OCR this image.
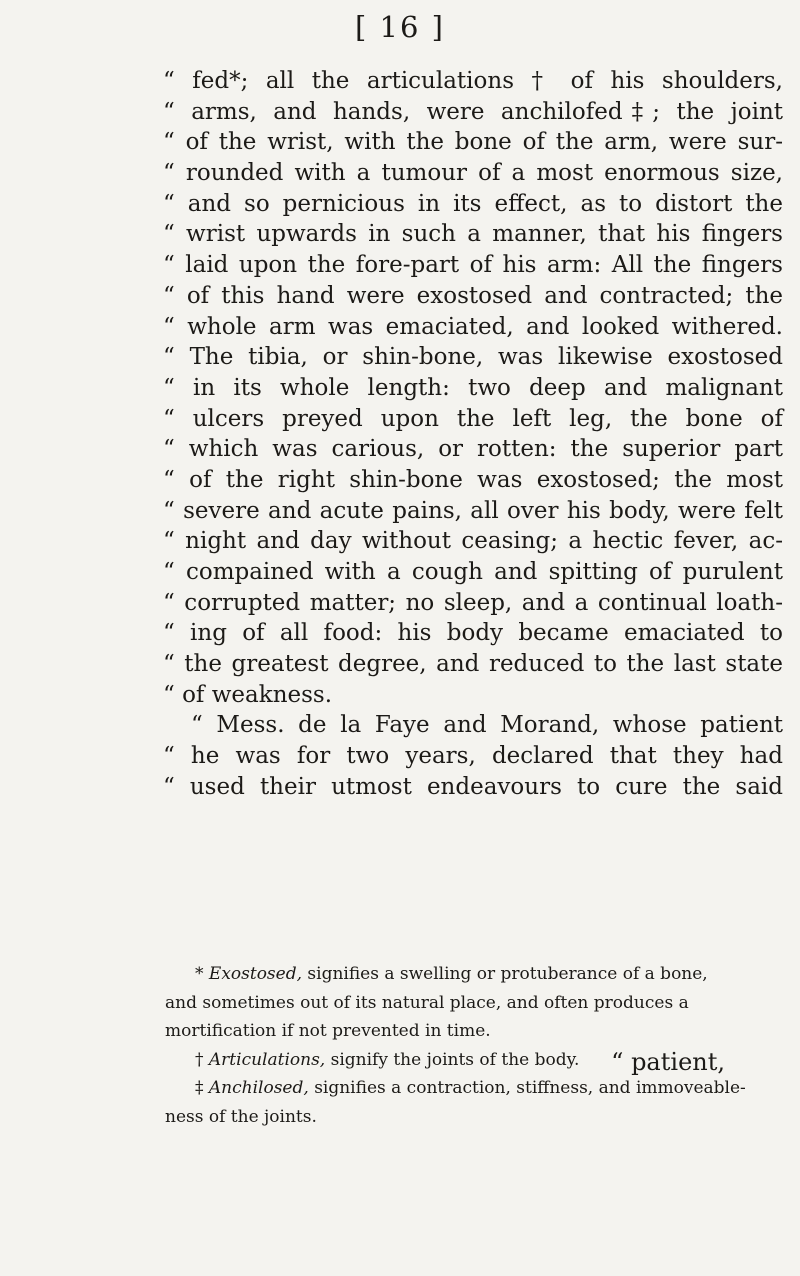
[ 16 ]
“ fed*; all the articulations † of his shoulders,
“ arms, and hands, were anchilofed‡; the joint
“ of the wrist, with the bone of the arm, were sur-
“ rounded with a tumour of a most enormous size,
“ and so pernicious in its effect, as to distort the
“ wrist upwards in such a manner, that his fingers
“ laid upon the fore-part of his arm: All the fingers
“ of this hand were exostosed and contracted; the
“ whole arm was emaciated, and looked withered.
“ The tibia, or shin-bone, was likewise exostosed
“ in its whole length: two deep and malignant
“ ulcers preyed upon the left leg, the bone of
“ which was carious, or rotten: the superior part
“ of the right shin-bone was exostosed; the most
“ severe and acute pains, all over his body, were felt
“ night and day without ceasing; a hectic fever, ac-
“ compained with a cough and spitting of purulent
“ corrupted matter; no sleep, and a continual loath-
“ ing of all food: his body became emaciated to
“ the greatest degree, and reduced to the last state
“ of weakness.
“ Mess. de la Faye and Morand, whose patient
“ he was for two years, declared that they had
“ used their utmost endeavours to cure the said
* Exostosed, signifies a swelling or protuberance of a bone,
and sometimes out of its natural place, and often produces a
mortification if not prevented in time.
† Articulations, signify the joints of the body.
‡ Anchilosed, signifies a contraction, stiffness, and immoveable-
ness of the joints.
“ patient,
